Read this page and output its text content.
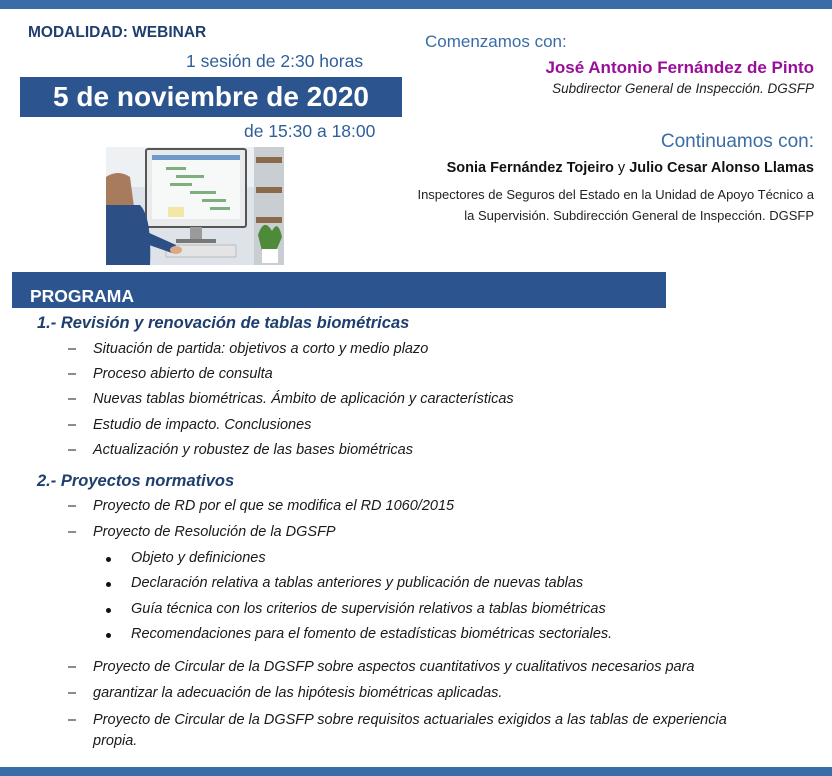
MODALIDAD: WEBINAR
1 sesión de 2:30 horas
5 de noviembre de 2020
de 15:30 a 18:00
Comenzamos con:
José Antonio Fernández de Pinto
Subdirector General de Inspección. DGSFP
Continuamos con:
Sonia Fernández Tojeiro y Julio Cesar Alonso Llamas
Inspectores de Seguros del Estado en la Unidad de Apoyo Técnico a la Supervisión. Subdirección General de Inspección. DGSFP
PROGRAMA
1.- Revisión y renovación de tablas biométricas
– Situación de partida: objetivos a corto y medio plazo
– Proceso abierto de consulta
– Nuevas tablas biométricas. Ámbito de aplicación y características
– Estudio de impacto. Conclusiones
– Actualización y robustez de las bases biométricas
2.- Proyectos normativos
– Proyecto de RD por el que se modifica el RD 1060/2015
– Proyecto de Resolución de la DGSFP
Objeto y definiciones
Declaración relativa a tablas anteriores y publicación de nuevas tablas
Guía técnica con los criterios de supervisión relativos a tablas biométricas
Recomendaciones para el fomento de estadísticas biométricas sectoriales.
– Proyecto de Circular de la DGSFP sobre aspectos cuantitativos y cualitativos necesarios para
– garantizar la adecuación de las hipótesis biométricas aplicadas.
– Proyecto de Circular de la DGSFP sobre requisitos actuariales exigidos a las tablas de experiencia
propia.
